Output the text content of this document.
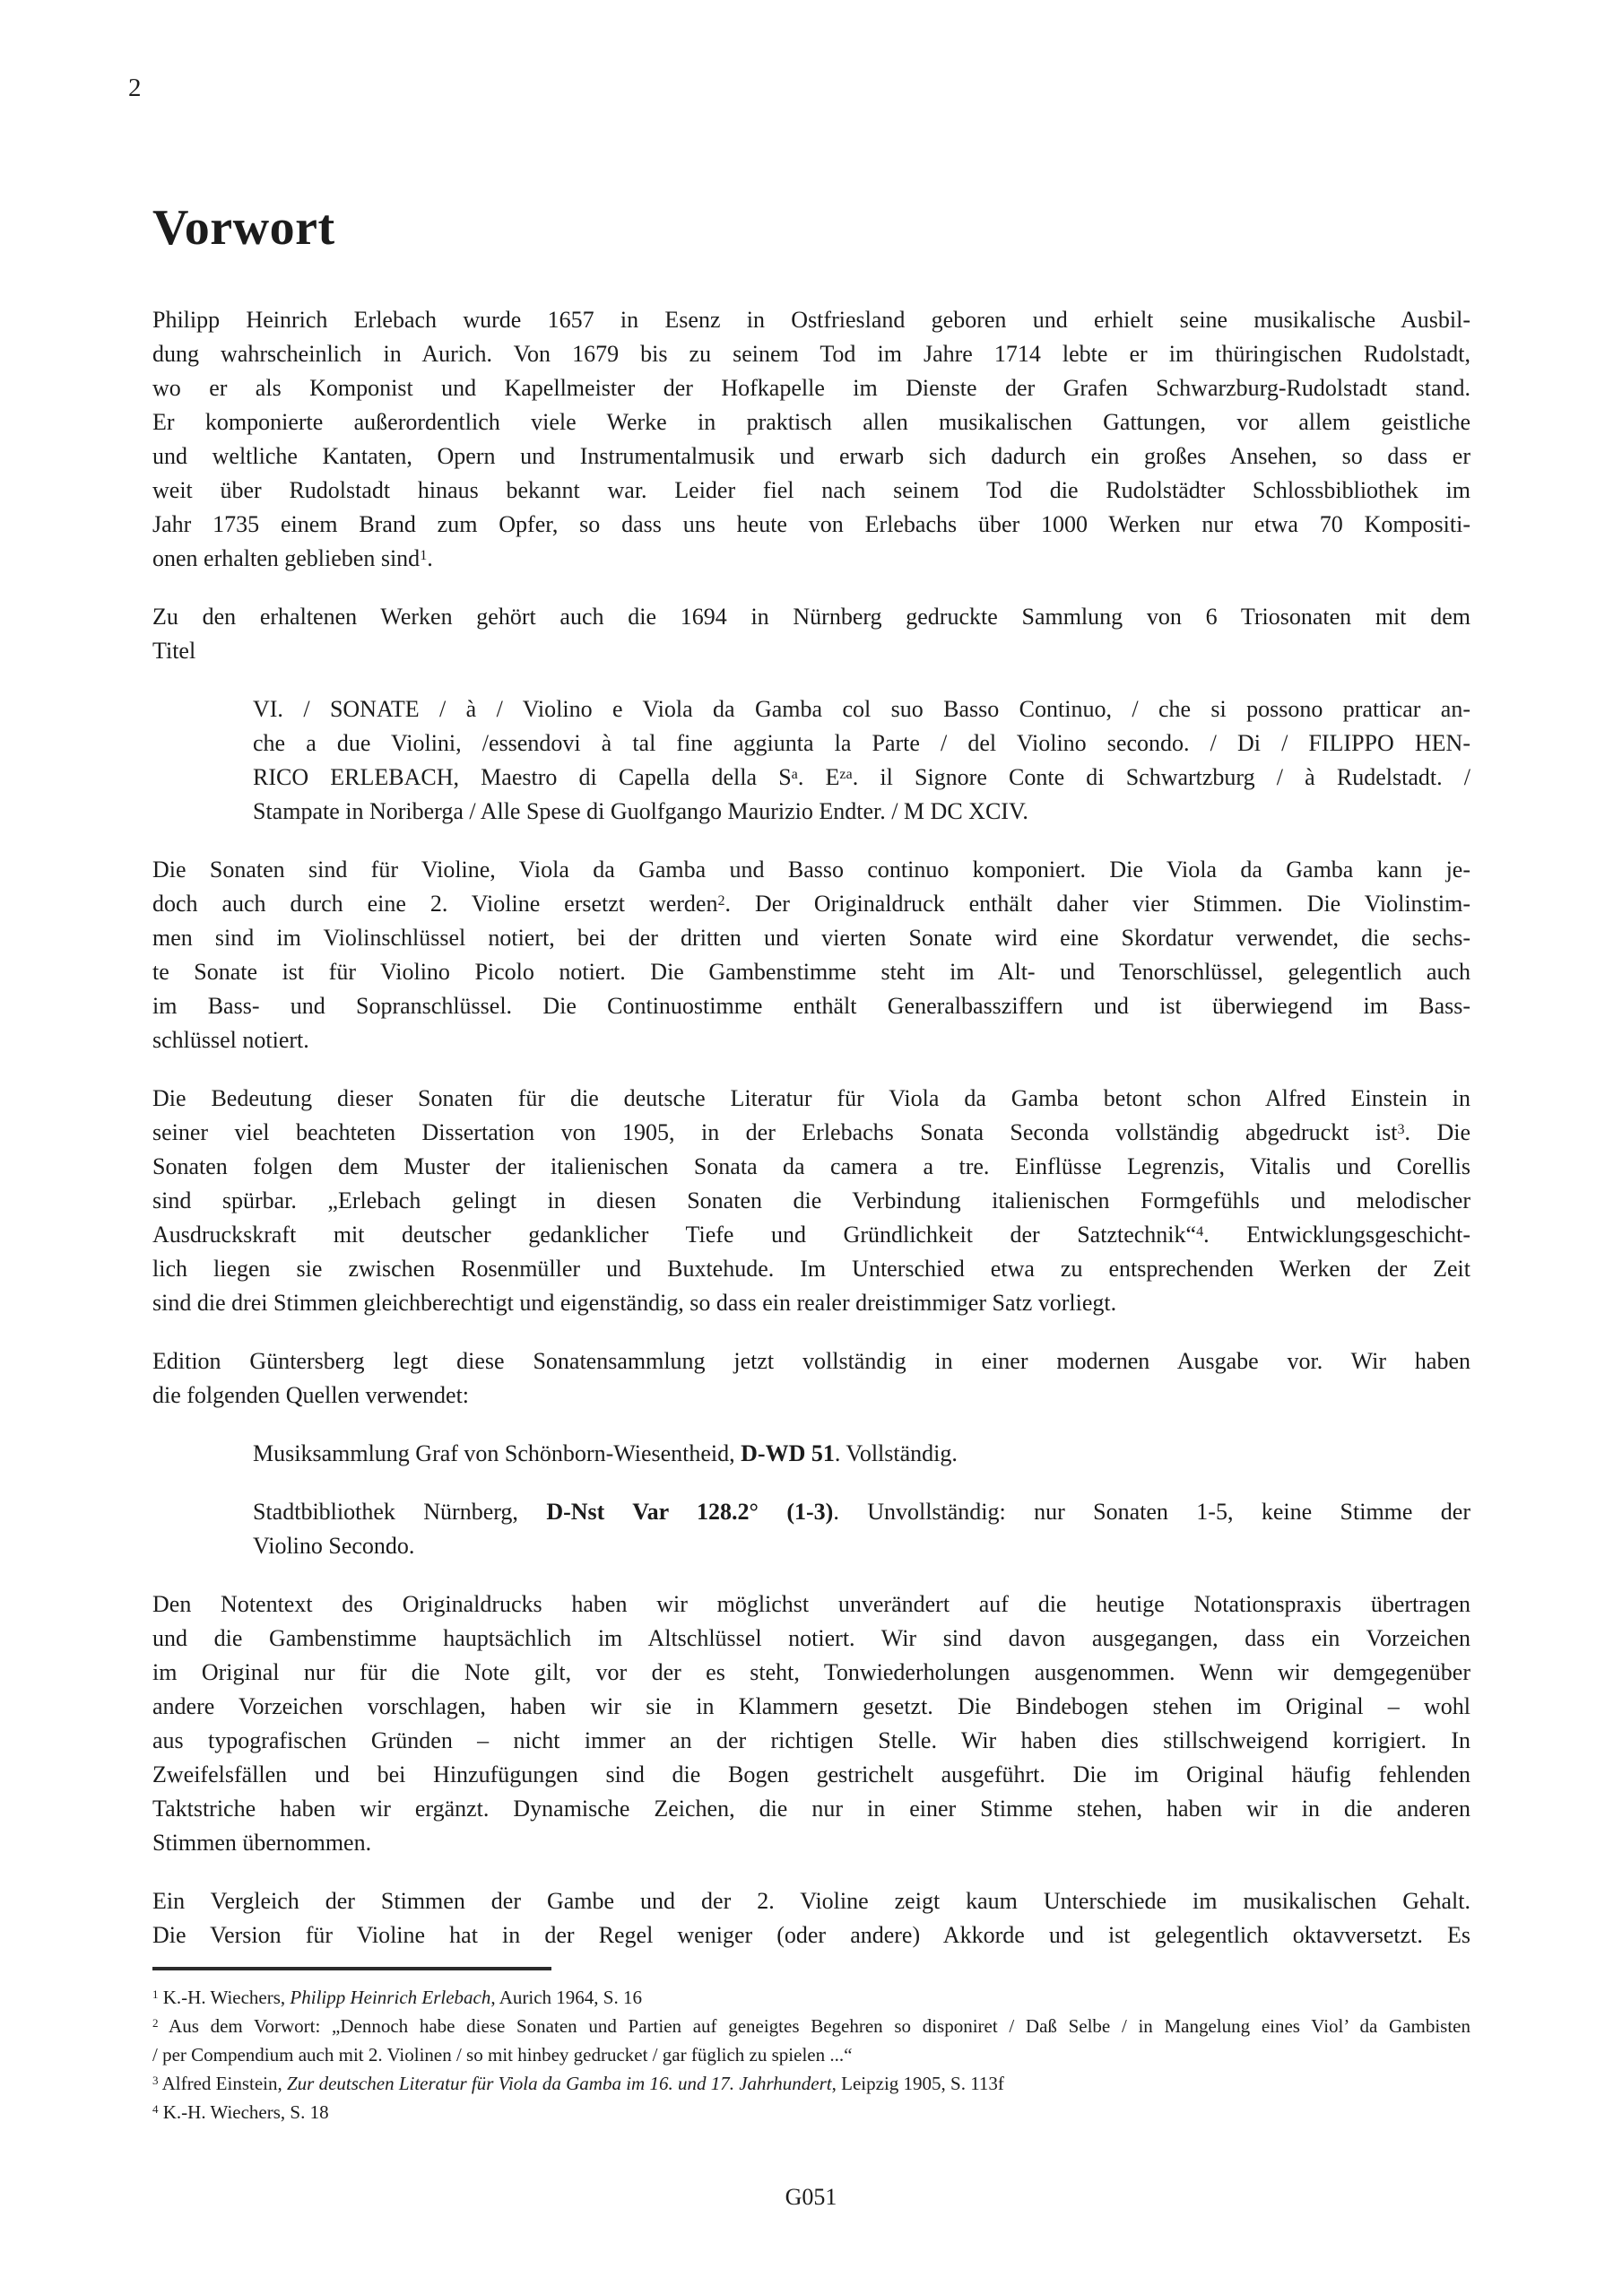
2
Vorwort
Philipp Heinrich Erlebach wurde 1657 in Esenz in Ostfriesland geboren und erhielt seine musikalische Ausbil-
dung wahrscheinlich in Aurich. Von 1679 bis zu seinem Tod im Jahre 1714 lebte er im thüringischen Rudolstadt,
wo er als Komponist und Kapellmeister der Hofkapelle im Dienste der Grafen Schwarzburg-Rudolstadt stand.
Er komponierte außerordentlich viele Werke in praktisch allen musikalischen Gattungen, vor allem geistliche
und weltliche Kantaten, Opern und Instrumentalmusik und erwarb sich dadurch ein großes Ansehen, so dass er
weit über Rudolstadt hinaus bekannt war. Leider fiel nach seinem Tod die Rudolstädter Schlossbibliothek im
Jahr 1735 einem Brand zum Opfer, so dass uns heute von Erlebachs über 1000 Werken nur etwa 70 Kompositi-
onen erhalten geblieben sind$^1$.
Zu den erhaltenen Werken gehört auch die 1694 in Nürnberg gedruckte Sammlung von 6 Triosonaten mit dem
Titel
VI. / SONATE / à / Violino e Viola da Gamba col suo Basso Continuo, / che si possono pratticar an-
che a due Violini, /essendovi à tal fine aggiunta la Parte / del Violino secondo. / Di / FILIPPO HEN-
RICO ERLEBACH, Maestro di Capella della $S^a$. $E^{za}$. il Signore Conte di Schwartzburg / à Rudelstadt. /
Stampate in Noriberga / Alle Spese di Guolfgango Maurizio Endter. / M DC XCIV.
Die Sonaten sind für Violine, Viola da Gamba und Basso continuo komponiert. Die Viola da Gamba kann je-
doch auch durch eine 2. Violine ersetzt werden$^2$. Der Originaldruck enthält daher vier Stimmen. Die Violinstim-
men sind im Violinschlüssel notiert, bei der dritten und vierten Sonate wird eine Skordatur verwendet, die sechs-
te Sonate ist für Violino Picolo notiert. Die Gambenstimme steht im Alt- und Tenorschlüssel, gelegentlich auch
im Bass- und Sopranschlüssel. Die Continuostimme enthält Generalbassziffern und ist überwiegend im Bass-
schlüssel notiert.
Die Bedeutung dieser Sonaten für die deutsche Literatur für Viola da Gamba betont schon Alfred Einstein in
seiner viel beachteten Dissertation von 1905, in der Erlebachs Sonata Seconda vollständig abgedruckt ist$^3$. Die
Sonaten folgen dem Muster der italienischen Sonata da camera a tre. Einflüsse Legrenzis, Vitalis und Corellis
sind spürbar. „Erlebach gelingt in diesen Sonaten die Verbindung italienischen Formgefühls und melodischer
Ausdruckskraft mit deutscher gedanklicher Tiefe und Gründlichkeit der Satztechnik“$^4$. Entwicklungsgeschicht-
lich liegen sie zwischen Rosenmüller und Buxtehude. Im Unterschied etwa zu entsprechenden Werken der Zeit
sind die drei Stimmen gleichberechtigt und eigenständig, so dass ein realer dreistimmiger Satz vorliegt.
Edition Güntersberg legt diese Sonatensammlung jetzt vollständig in einer modernen Ausgabe vor. Wir haben
die folgenden Quellen verwendet:
Musiksammlung Graf von Schönborn-Wiesentheid, D-WD 51. Vollständig.
Stadtbibliothek Nürnberg, D-Nst Var 128.2° (1-3). Unvollständig: nur Sonaten 1-5, keine Stimme der
Violino Secondo.
Den Notentext des Originaldrucks haben wir möglichst unverändert auf die heutige Notationspraxis übertragen
und die Gambenstimme hauptsächlich im Altschlüssel notiert. Wir sind davon ausgegangen, dass ein Vorzeichen
im Original nur für die Note gilt, vor der es steht, Tonwiederholungen ausgenommen. Wenn wir demgegenüber
andere Vorzeichen vorschlagen, haben wir sie in Klammern gesetzt. Die Bindebogen stehen im Original – wohl
aus typografischen Gründen – nicht immer an der richtigen Stelle. Wir haben dies stillschweigend korrigiert. In
Zweifelsfällen und bei Hinzufügungen sind die Bogen gestrichelt ausgeführt. Die im Original häufig fehlenden
Taktstriche haben wir ergänzt. Dynamische Zeichen, die nur in einer Stimme stehen, haben wir in die anderen
Stimmen übernommen.
Ein Vergleich der Stimmen der Gambe und der 2. Violine zeigt kaum Unterschiede im musikalischen Gehalt.
Die Version für Violine hat in der Regel weniger (oder andere) Akkorde und ist gelegentlich oktavversetzt. Es
$^1$ K.-H. Wiechers, Philipp Heinrich Erlebach, Aurich 1964, S. 16
$^2$ Aus dem Vorwort: „Dennoch habe diese Sonaten und Partien auf geneigtes Begehren so disponiret / Daß Selbe / in Mangelung eines Viol’ da Gambisten
/ per Compendium auch mit 2. Violinen / so mit hinbey gedrucket / gar füglich zu spielen ...“
$^3$ Alfred Einstein, Zur deutschen Literatur für Viola da Gamba im 16. und 17. Jahrhundert, Leipzig 1905, S. 113f
$^4$ K.-H. Wiechers, S. 18
G051
